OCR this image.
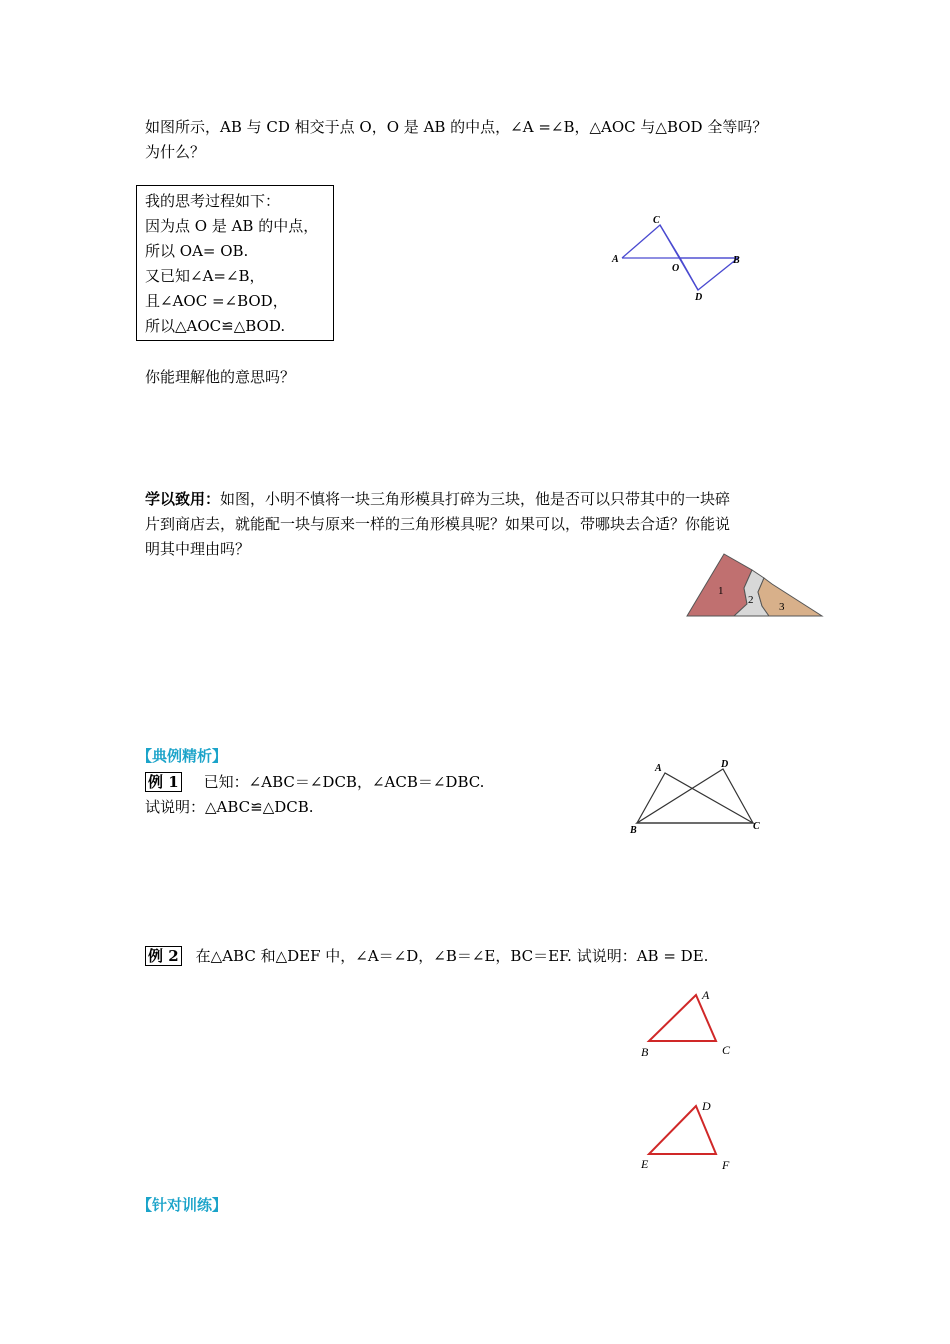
如图所示，AB 与 CD 相交于点 O，O 是 AB 的中点，∠A =∠B，△AOC 与△BOD 全等吗？
为什么？
我的思考过程如下：
因为点 O 是 AB 的中点，
所以 OA= OB.
又已知∠A=∠B，
且∠AOC =∠BOD，
所以△AOC≌△BOD.
A
C
O
B
D
你能理解他的意思吗？
学以致用：如图，小明不慎将一块三角形模具打碎为三块，他是否可以只带其中的一块碎
片到商店去，就能配一块与原来一样的三角形模具呢？如果可以，带哪块去合适？你能说
明其中理由吗？
1
2
3
【典例精析】
例 1 已知：∠ABC＝∠DCB，∠ACB＝∠DBC.
试说明：△ABC≌△DCB.
A	D
B	C
例 2 在△ABC 和△DEF 中，∠A＝∠D，∠B＝∠E，BC＝EF. 试说明：AB = DE.
A
B	C
D
E	F
【针对训练】
